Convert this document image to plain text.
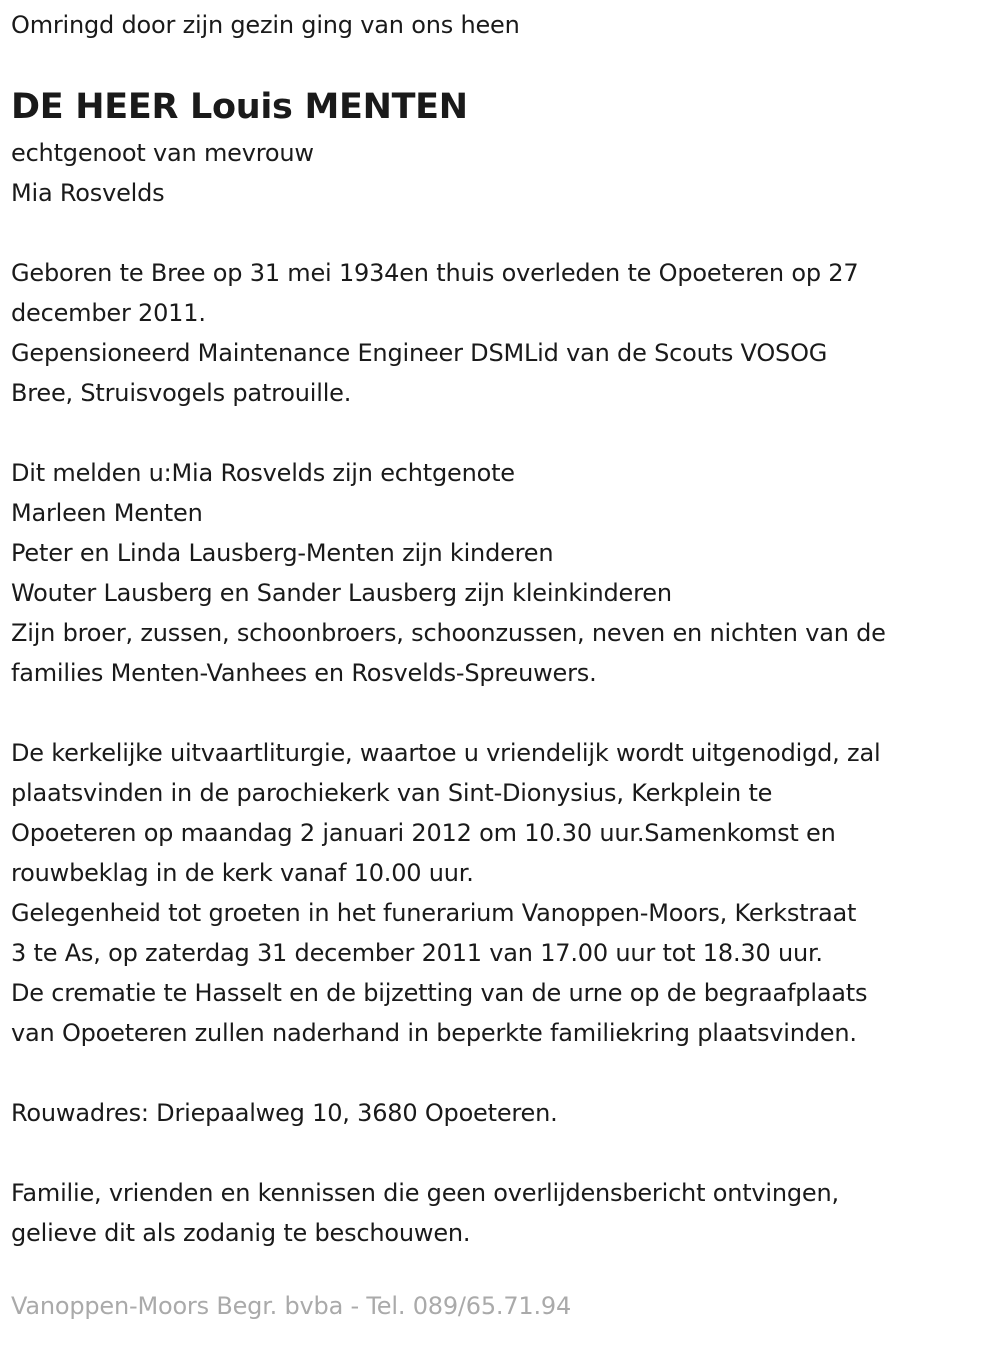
Omringd door zijn gezin ging van ons heen
DE HEER Louis MENTEN
echtgenoot van mevrouw
Mia Rosvelds
Geboren te Bree op 31 mei 1934en thuis overleden te Opoeteren op 27
december 2011.
Gepensioneerd Maintenance Engineer DSMLid van de Scouts VOSOG
Bree, Struisvogels patrouille.
Dit melden u:Mia Rosvelds zijn echtgenote
Marleen Menten
Peter en Linda Lausberg-Menten zijn kinderen
Wouter Lausberg en Sander Lausberg zijn kleinkinderen
Zijn broer, zussen, schoonbroers, schoonzussen, neven en nichten van de
families Menten-Vanhees en Rosvelds-Spreuwers.
De kerkelijke uitvaartliturgie, waartoe u vriendelijk wordt uitgenodigd, zal
plaatsvinden in de parochiekerk van Sint-Dionysius, Kerkplein te
Opoeteren op maandag 2 januari 2012 om 10.30 uur.Samenkomst en
rouwbeklag in de kerk vanaf 10.00 uur.
Gelegenheid tot groeten in het funerarium Vanoppen-Moors, Kerkstraat
3 te As, op zaterdag 31 december 2011 van 17.00 uur tot 18.30 uur.
De crematie te Hasselt en de bijzetting van de urne op de begraafplaats
van Opoeteren zullen naderhand in beperkte familiekring plaatsvinden.
Rouwadres: Driepaalweg 10, 3680 Opoeteren.
Familie, vrienden en kennissen die geen overlijdensbericht ontvingen,
gelieve dit als zodanig te beschouwen.
Vanoppen-Moors Begr. bvba - Tel. 089/65.71.94
